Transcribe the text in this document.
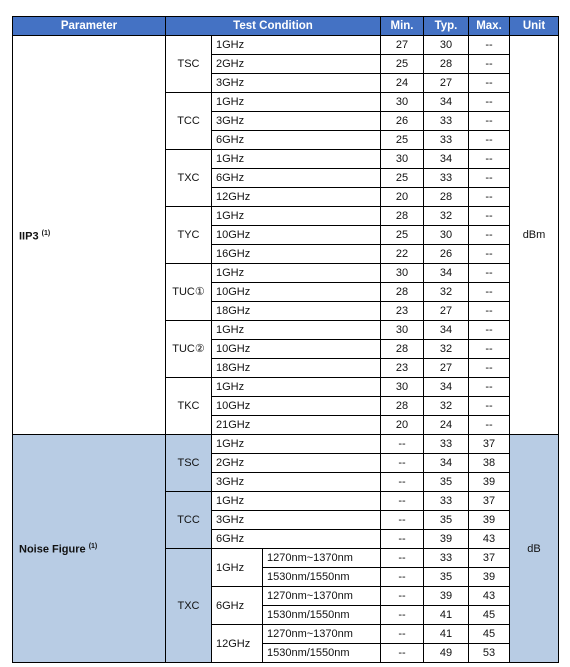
Parameter	Test Condition			Min.	Typ.	Max.	Unit
IIP3 $^{(1)}$	TSC	1GHz		27	30	--	dBm
		2GHz		25	28	--	
		3GHz		24	27	--	
	TCC	1GHz		30	34	--	
		3GHz		26	33	--	
		6GHz		25	33	--	
	TXC	1GHz		30	34	--	
		6GHz		25	33	--	
		12GHz		20	28	--	
	TYC	1GHz		28	32	--	
		10GHz		25	30	--	
		16GHz		22	26	--	
	TUC①	1GHz		30	34	--	
		10GHz		28	32	--	
		18GHz		23	27	--	
	TUC②	1GHz		30	34	--	
		10GHz		28	32	--	
		18GHz		23	27	--	
	TKC	1GHz		30	34	--	
		10GHz		28	32	--	
		21GHz		20	24	--	
Noise Figure $^{(1)}$	TSC	1GHz		--	33	37	dB
		2GHz		--	34	38	
		3GHz		--	35	39	
	TCC	1GHz		--	33	37	
		3GHz		--	35	39	
		6GHz		--	39	43	
	TXC	1GHz	1270nm~1370nm	--	33	37	
			1530nm/1550nm	--	35	39	
		6GHz	1270nm~1370nm	--	39	43	
			1530nm/1550nm	--	41	45	
		12GHz	1270nm~1370nm	--	41	45	
			1530nm/1550nm	--	49	53	
